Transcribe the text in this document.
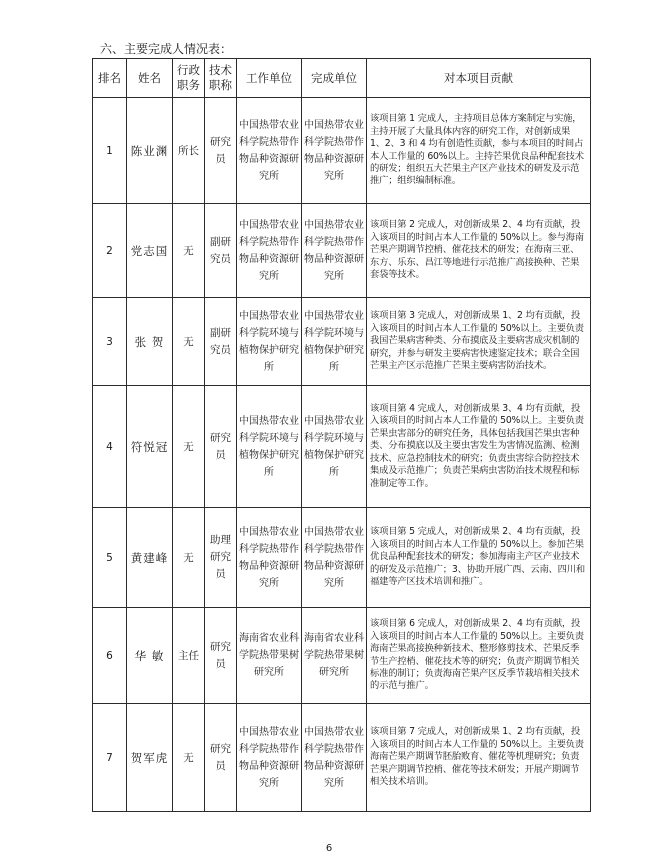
六、主要完成人情况表：
排名	姓名	行政职务	技术职称	工作单位	完成单位	对本项目贡献
1	陈业渊	所长	研究员	中国热带农业科学院热带作物品种资源研究所	中国热带农业科学院热带作物品种资源研究所	该项目第 1 完成人，主持项目总体方案制定与实施，主持开展了大量具体内容的研究工作，对创新成果 1、2、3 和 4 均有创造性贡献，参与本项目的时间占本人工作量的 60%以上。主持芒果优良品种配套技术的研发；组织五大芒果主产区产业技术的研发及示范推广；组织编制标准。
2	党志国	无	副研究员	中国热带农业科学院热带作物品种资源研究所	中国热带农业科学院热带作物品种资源研究所	该项目第 2 完成人，对创新成果 2、4 均有贡献，投入该项目的时间占本人工作量的 50%以上。参与海南芒果产期调节控梢、催花技术的研发；在海南三亚、东方、乐东、昌江等地进行示范推广高接换种、芒果套袋等技术。
3	张 贺	无	副研究员	中国热带农业科学院环境与植物保护研究所	中国热带农业科学院环境与植物保护研究所	该项目第 3 完成人，对创新成果 1、2 均有贡献，投入该项目的时间占本人工作量的 50%以上。主要负责我国芒果病害种类、分布摸底及主要病害成灾机制的研究，并参与研发主要病害快速鉴定技术；联合全国芒果主产区示范推广芒果主要病害防治技术。
4	符悦冠	无	研究员	中国热带农业科学院环境与植物保护研究所	中国热带农业科学院环境与植物保护研究所	该项目第 4 完成人，对创新成果 3、4 均有贡献，投入该项目的时间占本人工作量的 50%以上。主要负责芒果虫害部分的研究任务，具体包括我国芒果虫害种类、分布摸底以及主要虫害发生为害情况监测、检测技术、应急控制技术的研究；负责虫害综合防控技术集成及示范推广；负责芒果病虫害防治技术规程和标准制定等工作。
5	黄建峰	无	助理研究员	中国热带农业科学院热带作物品种资源研究所	中国热带农业科学院热带作物品种资源研究所	该项目第 5 完成人，对创新成果 2、4 均有贡献，投入该项目的时间占本人工作量的 50%以上。参加芒果优良品种配套技术的研发；参加海南主产区产业技术的研发及示范推广；3、协助开展广西、云南、四川和福建等产区技术培训和推广。
6	华 敏	主任	研究员	海南省农业科学院热带果树研究所	海南省农业科学院热带果树研究所	该项目第 6 完成人，对创新成果 2、4 均有贡献，投入该项目的时间占本人工作量的 50%以上。主要负责海南芒果高接换种新技术、整形修剪技术、芒果反季节生产控梢、催花技术等的研究；负责产期调节相关标准的制订；负责海南芒果产区反季节栽培相关技术的示范与推广。
7	贺军虎	无	研究员	中国热带农业科学院热带作物品种资源研究所	中国热带农业科学院热带作物品种资源研究所	该项目第 7 完成人，对创新成果 1、2 均有贡献，投入该项目的时间占本人工作量的 50%以上。主要负责海南芒果产期调节胚胎败育、催花等机理研究；负责芒果产期调节控梢、催花等技术研发；开展产期调节相关技术培训。
6
